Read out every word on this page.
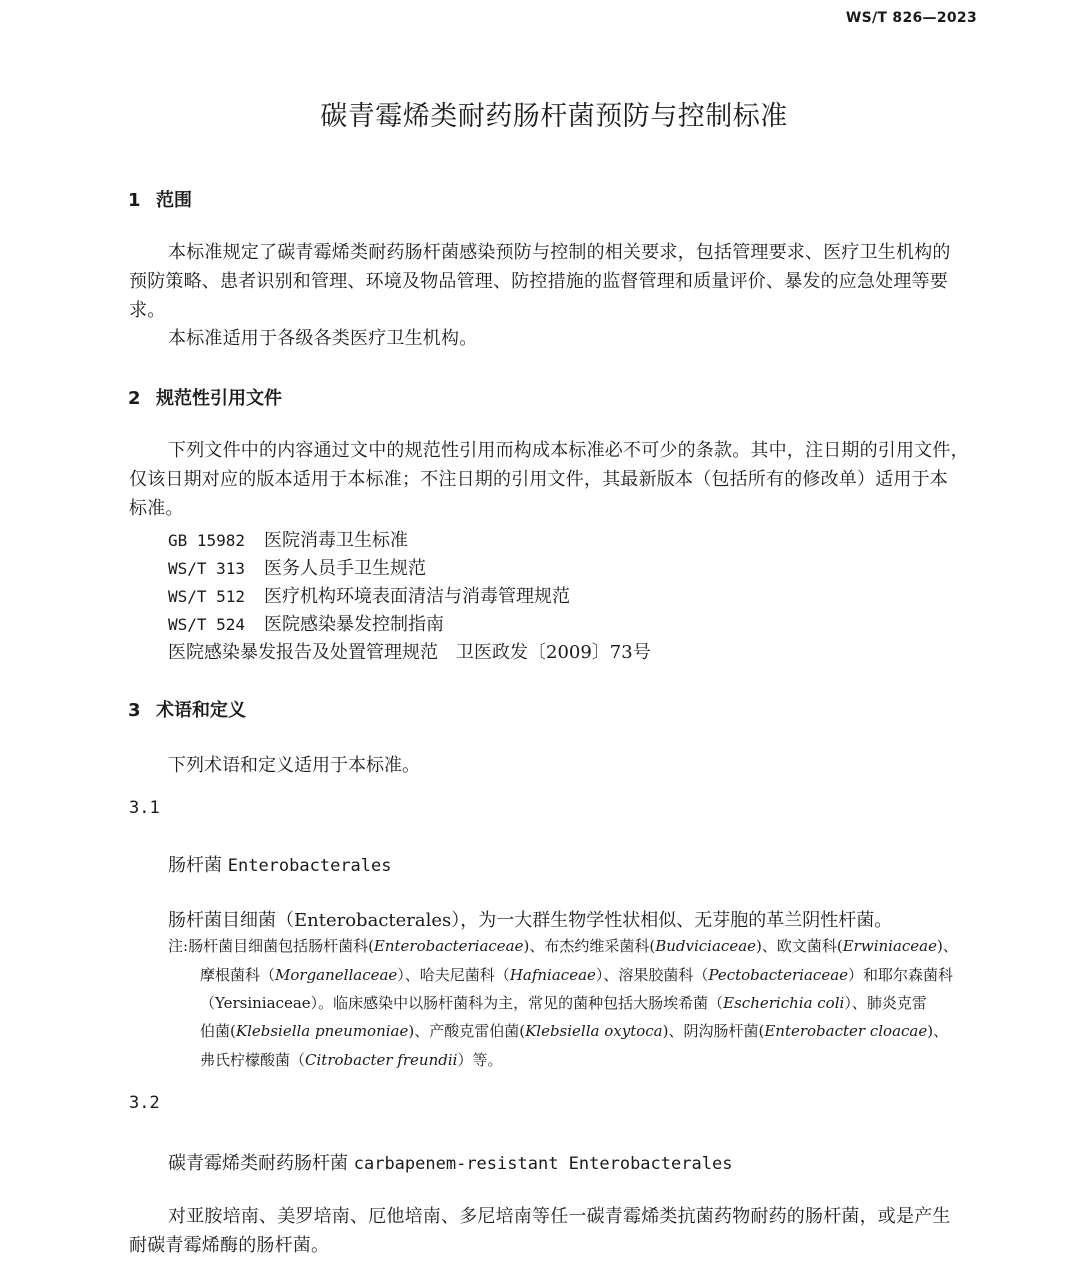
WS/T 826—2023
碳青霉烯类耐药肠杆菌预防与控制标准
1 范围
本标准规定了碳青霉烯类耐药肠杆菌感染预防与控制的相关要求，包括管理要求、医疗卫生机构的
预防策略、患者识别和管理、环境及物品管理、防控措施的监督管理和质量评价、暴发的应急处理等要
求。
本标准适用于各级各类医疗卫生机构。
2 规范性引用文件
下列文件中的内容通过文中的规范性引用而构成本标准必不可少的条款。其中，注日期的引用文件，
仅该日期对应的版本适用于本标准；不注日期的引用文件，其最新版本（包括所有的修改单）适用于本
标准。
GB 15982 医院消毒卫生标准
WS/T 313 医务人员手卫生规范
WS/T 512 医疗机构环境表面清洁与消毒管理规范
WS/T 524 医院感染暴发控制指南
医院感染暴发报告及处置管理规范　卫医政发〔2009〕73号
3 术语和定义
下列术语和定义适用于本标准。
3.1
肠杆菌 Enterobacterales
肠杆菌目细菌（Enterobacterales），为一大群生物学性状相似、无芽胞的革兰阴性杆菌。
注:肠杆菌目细菌包括肠杆菌科(Enterobacteriaceae)、布杰约维采菌科(Budviciaceae)、欧文菌科(Erwiniaceae)、
摩根菌科（Morganellaceae）、哈夫尼菌科（Hafniaceae）、溶果胶菌科（Pectobacteriaceae）和耶尔森菌科
（Yersiniaceae）。临床感染中以肠杆菌科为主，常见的菌种包括大肠埃希菌（Escherichia coli）、肺炎克雷
伯菌(Klebsiella pneumoniae)、产酸克雷伯菌(Klebsiella oxytoca)、阴沟肠杆菌(Enterobacter cloacae)、
弗氏柠檬酸菌（Citrobacter freundii）等。
3.2
碳青霉烯类耐药肠杆菌 carbapenem-resistant Enterobacterales
对亚胺培南、美罗培南、厄他培南、多尼培南等任一碳青霉烯类抗菌药物耐药的肠杆菌，或是产生
耐碳青霉烯酶的肠杆菌。
